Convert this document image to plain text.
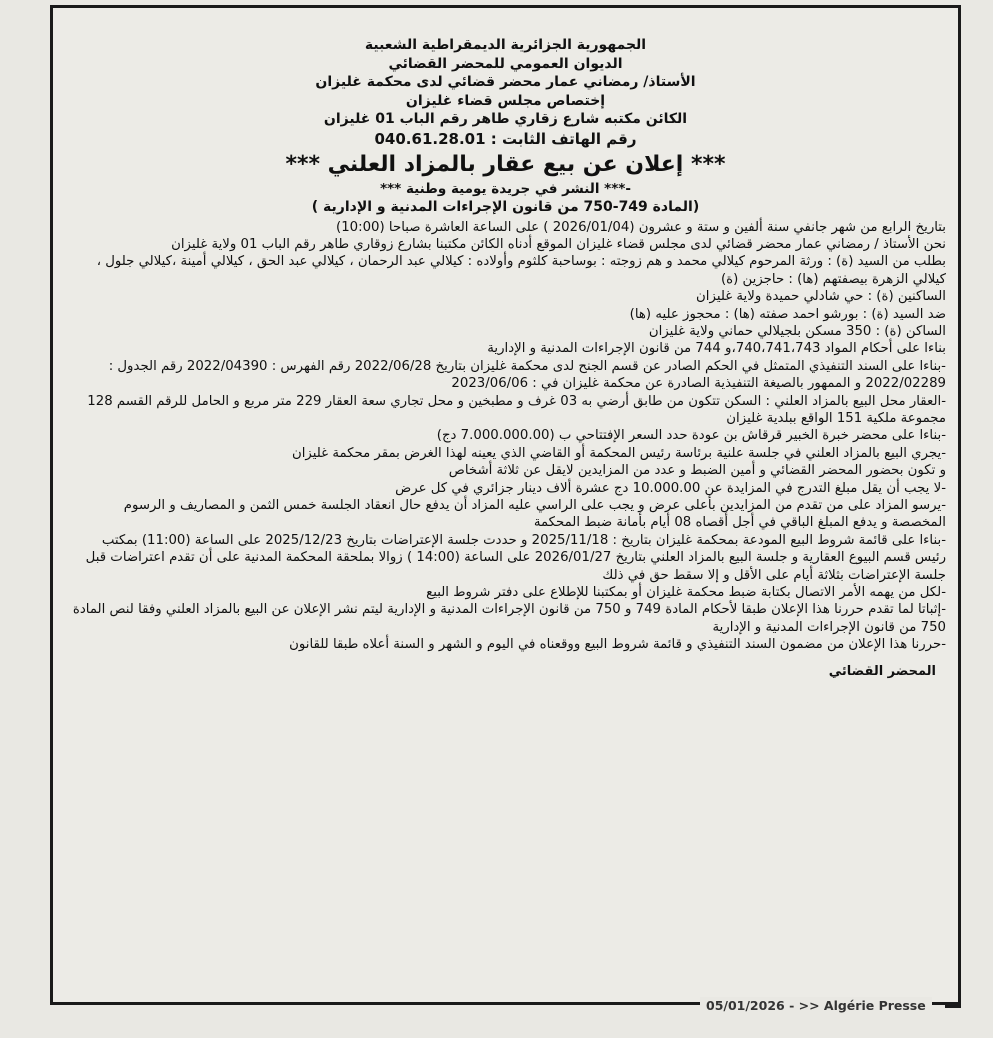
الجمهورية الجزائرية الديمقراطية الشعبية
الديوان العمومي للمحضر القضائي
الأستاذ/ رمضاني عمار محضر قضائي لدى محكمة غليزان
إختصاص مجلس قضاء غليزان
الكائن مكتبه شارع زقاري طاهر رقم الباب 01 غليزان
رقم الهاتف الثابت : 040.61.28.01
*** إعلان عن بيع عقار بالمزاد العلني ***
-*** النشر في جريدة يومية وطنية ***
(المادة 749-750 من قانون الإجراءات المدنية و الإدارية )

بتاريخ الرابع من شهر جانفي سنة ألفين و ستة و عشرون (2026/01/04 ) على الساعة العاشرة صباحا (10:00)

نحن الأستاذ / رمضاني عمار محضر قضائي لدى مجلس قضاء غليزان الموقع أدناه الكائن مكتبنا بشارع زوقاري طاهر رقم الباب 01 ولاية غليزان

بطلب من السيد (ة) : ورثة المرحوم كيلالي محمد و هم زوجته : بوساحبة كلثوم وأولاده : كيلالي عبد الرحمان ، كيلالي عبد الحق ، كيلالي أمينة ،كيلالي جلول ، كيلالي الزهرة بيصفتهم (ها) : حاجزين (ة)

الساكنين (ة) : حي شادلي حميدة ولاية غليزان

ضد السيد (ة) : بورشو احمد صفته (ها) : محجوز عليه (ها)

الساكن (ة) : 350 مسكن بلجيلالي حماني ولاية غليزان

بناءا على أحكام المواد 740،741،743،و 744 من قانون الإجراءات المدنية و الإدارية

-بناءا على السند التنفيذي المتمثل في الحكم الصادر عن قسم الجنح لدى محكمة غليزان بتاريخ 2022/06/28 رقم الفهرس : 2022/04390 رقم الجدول : 2022/02289 و الممهور بالصيغة التنفيذية الصادرة عن محكمة غليزان في : 2023/06/06

-العقار محل البيع بالمزاد العلني : السكن تتكون من طابق أرضي به 03 غرف و مطبخين و محل تجاري سعة العقار 229 متر مربع و الحامل للرقم القسم 128 مجموعة ملكية 151 الواقع ببلدية غليزان

-بناءا على محضر خبرة الخبير قرقاش بن عودة حدد السعر الإفتتاحي ب (7.000.000.00 دج)

-يجري البيع بالمزاد العلني في جلسة علنية برئاسة رئيس المحكمة أو القاضي الذي يعينه لهذا الغرض بمقر محكمة غليزان

و تكون بحضور المحضر القضائي و أمين الضبط و عدد من المزايدين لايقل عن ثلاثة أشخاص

-لا يجب أن يقل مبلغ التدرج في المزايدة عن 10.000.00 دج عشرة ألاف دينار جزائري في كل عرض

-يرسو المزاد على من تقدم من المزايدين بأعلى عرض و يجب على الراسي عليه المزاد أن يدفع حال انعقاد الجلسة خمس الثمن و المصاريف و الرسوم المخصصة و يدفع المبلغ الباقي في أجل أقصاه 08 أيام بأمانة ضبط المحكمة

-بناءا على قائمة شروط البيع المودعة بمحكمة غليزان بتاريخ : 2025/11/18 و حددت جلسة الإعتراضات بتاريخ 2025/12/23 على الساعة (11:00) بمكتب رئيس قسم البيوع العقارية و جلسة البيع بالمزاد العلني بتاريخ 2026/01/27 على الساعة (14:00 ) زوالا بملحقة المحكمة المدنية على أن تقدم اعتراضات قبل جلسة الإعتراضات بثلاثة أيام على الأقل و إلا سقط حق في ذلك

-لكل من يهمه الأمر الاتصال بكتابة ضبط محكمة غليزان أو بمكتبنا للإطلاع على دفتر شروط البيع

-إثباتا لما تقدم حررنا هذا الإعلان طبقا لأحكام المادة 749 و 750 من قانون الإجراءات المدنية و الإدارية ليتم نشر الإعلان عن البيع بالمزاد العلني وفقا لنص المادة 750 من قانون الإجراءات المدنية و الإدارية

-حررنا هذا الإعلان من مضمون السند التنفيذي و قائمة شروط البيع ووقعناه في اليوم و الشهر و السنة أعلاه طبقا للقانون

المحضر القضائي
05/01/2026 - >> Algérie Presse
